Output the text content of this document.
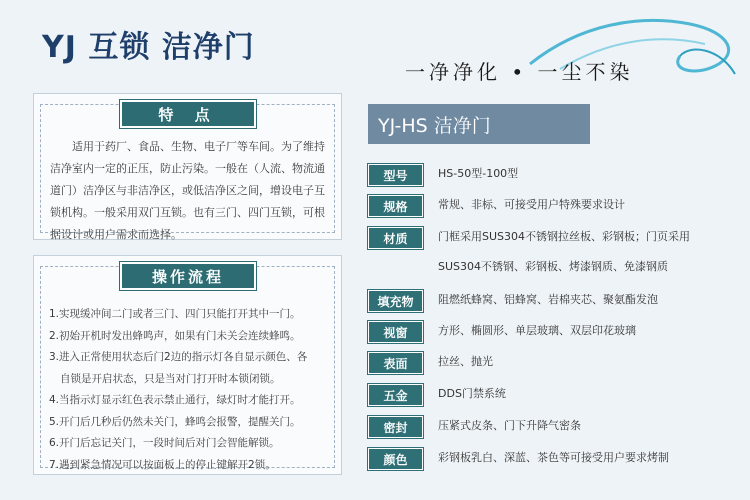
YJ 互锁 洁净门
一净净化 • 一尘不染
特 点
适用于药厂、食品、生物、电子厂等车间。为了维持洁净室内一定的正压，防止污染。一般在（人流、物流通道门）洁净区与非洁净区，或低洁净区之间，增设电子互锁机构。一般采用双门互锁。也有三门、四门互锁，可根据设计或用户需求而选择。
操作流程
1.实现缓冲间二门或者三门、四门只能打开其中一门。
2.初始开机时发出蜂鸣声，如果有门未关会连续蜂鸣。
3.进入正常使用状态后门2边的指示灯各自显示颜色、各
自锁是开启状态，只是当对门打开时本锁闭锁。
4.当指示灯显示红色表示禁止通行，绿灯时才能打开。
5.开门后几秒后仍然未关门，蜂鸣会报警，提醒关门。
6.开门后忘记关门，一段时间后对门会智能解锁。
7.遇到紧急情况可以按面板上的停止键解开2锁。
YJ-HS 洁净门
型号	HS-50型-100型
规格	常规、非标、可接受用户特殊要求设计
材质	门框采用SUS304不锈钢拉丝板、彩钢板；门页采用
SUS304不锈钢、彩钢板、烤漆钢质、免漆钢质
填充物	阻燃纸蜂窝、铝蜂窝、岩棉夹芯、聚氨酯发泡
视窗	方形、椭圆形、单层玻璃、双层印花玻璃
表面	拉丝、抛光
五金	DDS门禁系统
密封	压紧式皮条、门下升降气密条
颜色	彩钢板乳白、深蓝、茶色等可接受用户要求烤制
